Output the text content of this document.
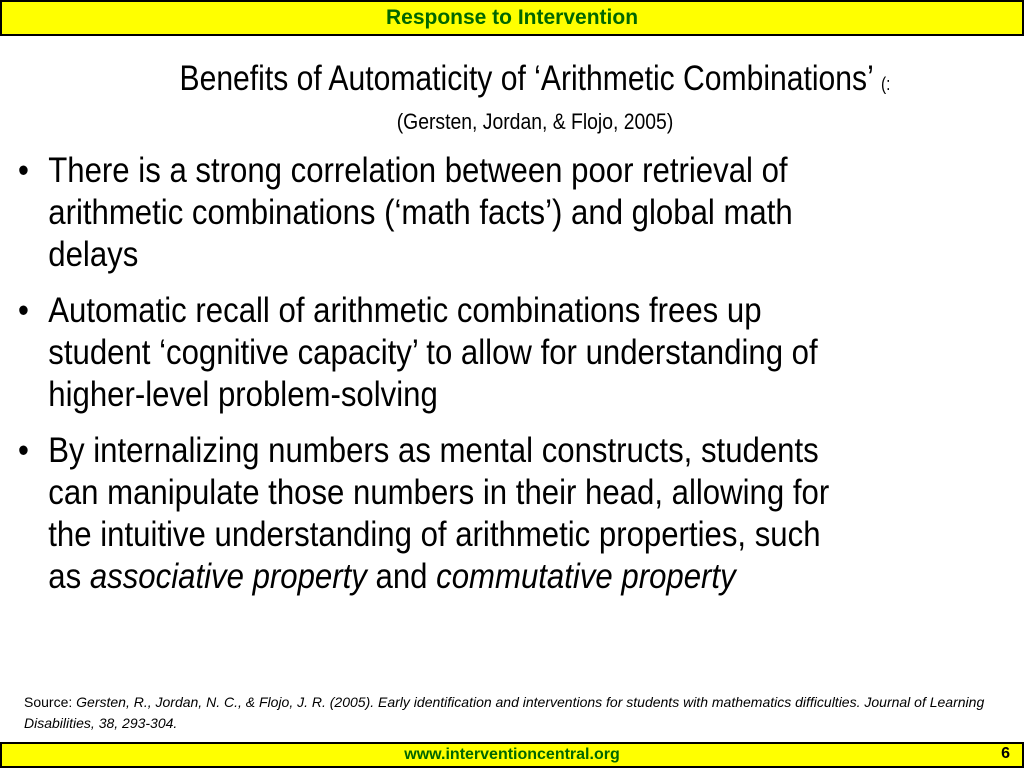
Response to Intervention
Benefits of Automaticity of ‘Arithmetic Combinations’ (:
(Gersten, Jordan, & Flojo, 2005)
• There is a strong correlation between poor retrieval of
arithmetic combinations (‘math facts’) and global math
delays
• Automatic recall of arithmetic combinations frees up
student ‘cognitive capacity’ to allow for understanding of
higher-level problem-solving
• By internalizing numbers as mental constructs, students
can manipulate those numbers in their head, allowing for
the intuitive understanding of arithmetic properties, such
as associative property and commutative property
Source: Gersten, R., Jordan, N. C., & Flojo, J. R. (2005). Early identification and interventions for students with mathematics difficulties. Journal of Learning Disabilities, 38, 293-304.
www.interventioncentral.org	6
